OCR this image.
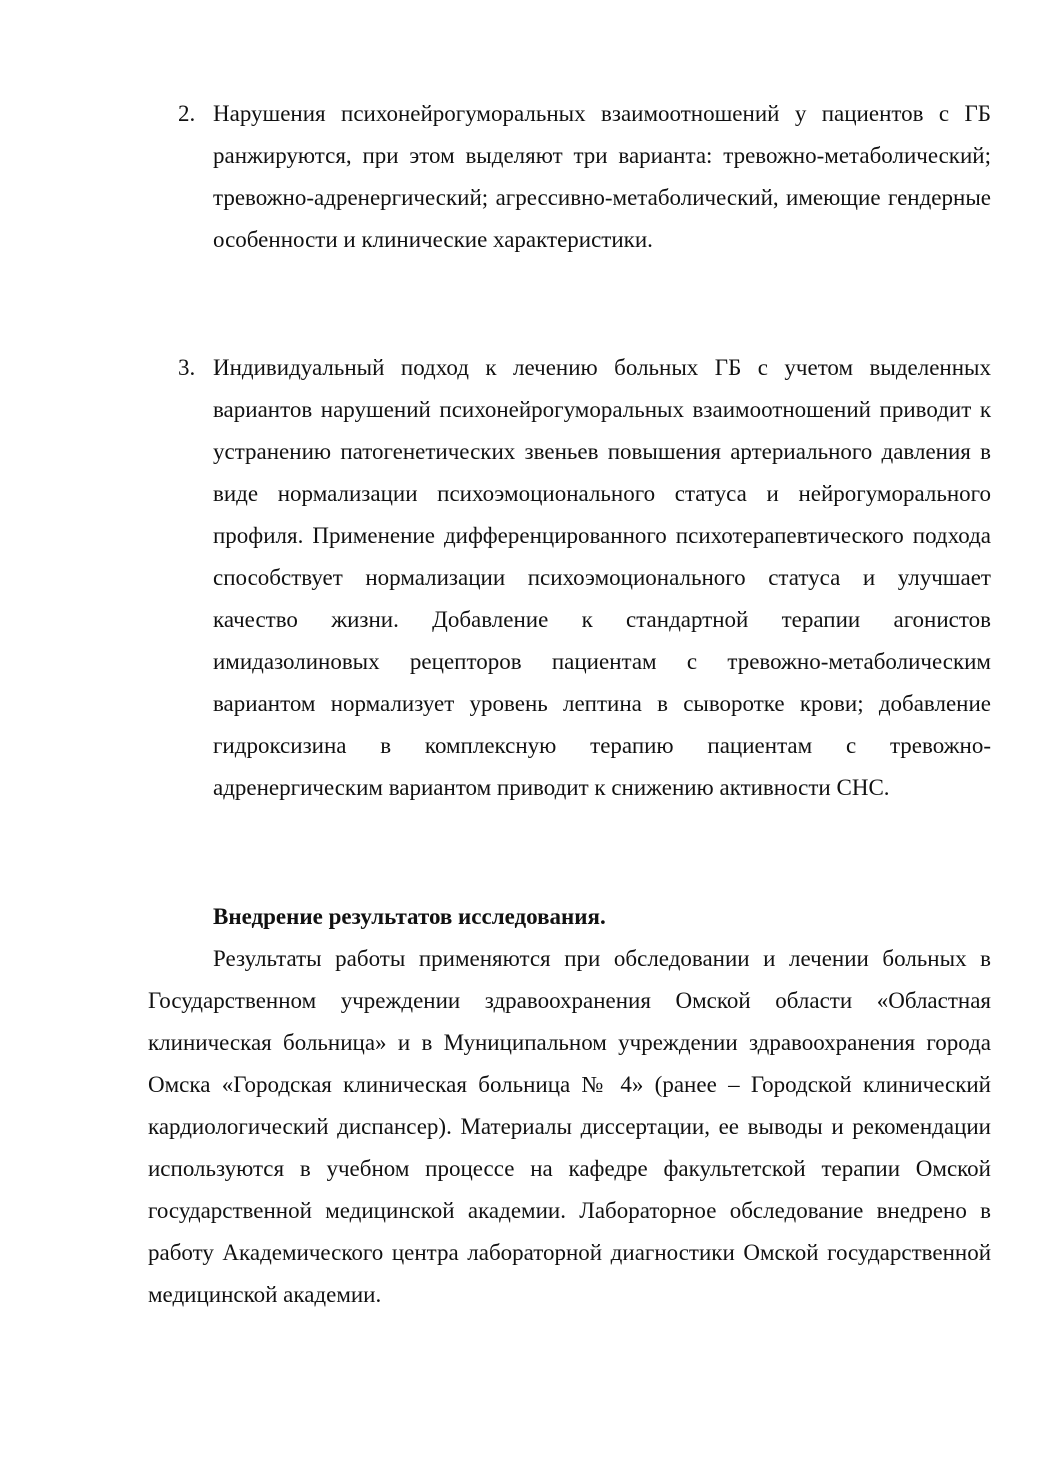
2. Нарушения психонейрогуморальных взаимоотношений у пациентов с ГБ ранжируются, при этом выделяют три варианта: тревожно-метаболический; тревожно-адренергический; агрессивно-метаболический, имеющие гендерные особенности и клинические характеристики.
3. Индивидуальный подход к лечению больных ГБ с учетом выделенных вариантов нарушений психонейрогуморальных взаимоотношений приводит к устранению патогенетических звеньев повышения артериального давления в виде нормализации психоэмоционального статуса и нейрогуморального профиля. Применение дифференцированного психотерапевтического подхода способствует нормализации психоэмоционального статуса и улучшает качество жизни. Добавление к стандартной терапии агонистов имидазолиновых рецепторов пациентам с тревожно-метаболическим вариантом нормализует уровень лептина в сыворотке крови; добавление гидроксизина в комплексную терапию пациентам с тревожно-адренергическим вариантом приводит к снижению активности СНС.
Внедрение результатов исследования.

Результаты работы применяются при обследовании и лечении больных в Государственном учреждении здравоохранения Омской области «Областная клиническая больница» и в Муниципальном учреждении здравоохранения города Омска «Городская клиническая больница № 4» (ранее – Городской клинический кардиологический диспансер). Материалы диссертации, ее выводы и рекомендации используются в учебном процессе на кафедре факультетской терапии Омской государственной медицинской академии. Лабораторное обследование внедрено в работу Академического центра лабораторной диагностики Омской государственной медицинской академии.
